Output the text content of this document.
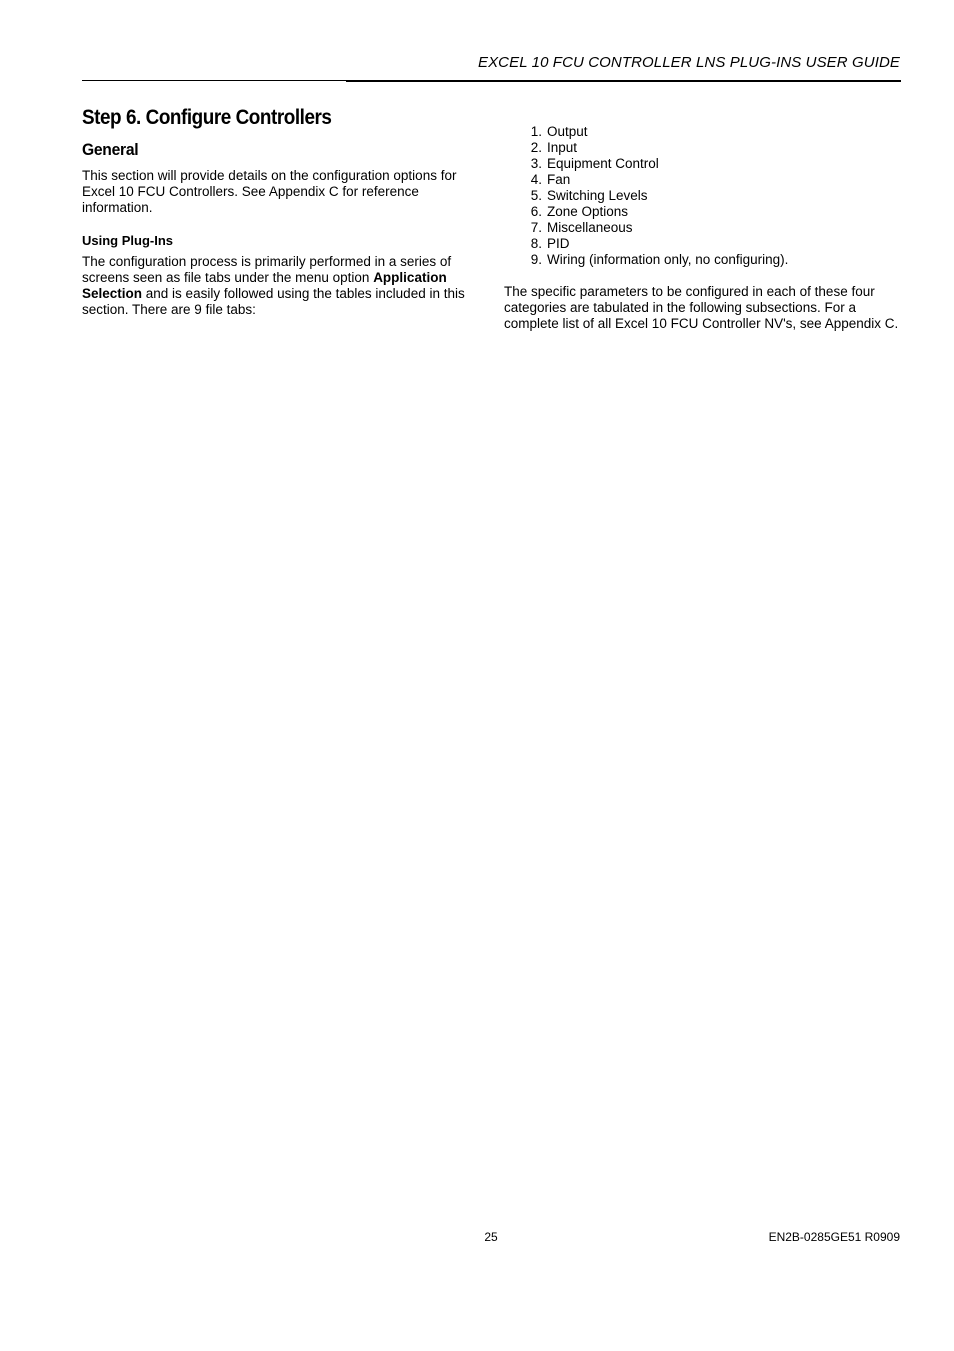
EXCEL 10 FCU CONTROLLER LNS PLUG-INS USER GUIDE
Step 6. Configure Controllers
General

This section will provide details on the configuration options for Excel 10 FCU Controllers. See Appendix C for reference information.

Using Plug-Ins

The configuration process is primarily performed in a series of screens seen as file tabs under the menu option Application Selection and is easily followed using the tables included in this section. There are 9 file tabs:

1. Output
2. Input
3. Equipment Control
4. Fan
5. Switching Levels
6. Zone Options
7. Miscellaneous
8. PID
9. Wiring (information only, no configuring).

The specific parameters to be configured in each of these four categories are tabulated in the following subsections. For a complete list of all Excel 10 FCU Controller NV's, see Appendix C.

25	EN2B-0285GE51 R0909
